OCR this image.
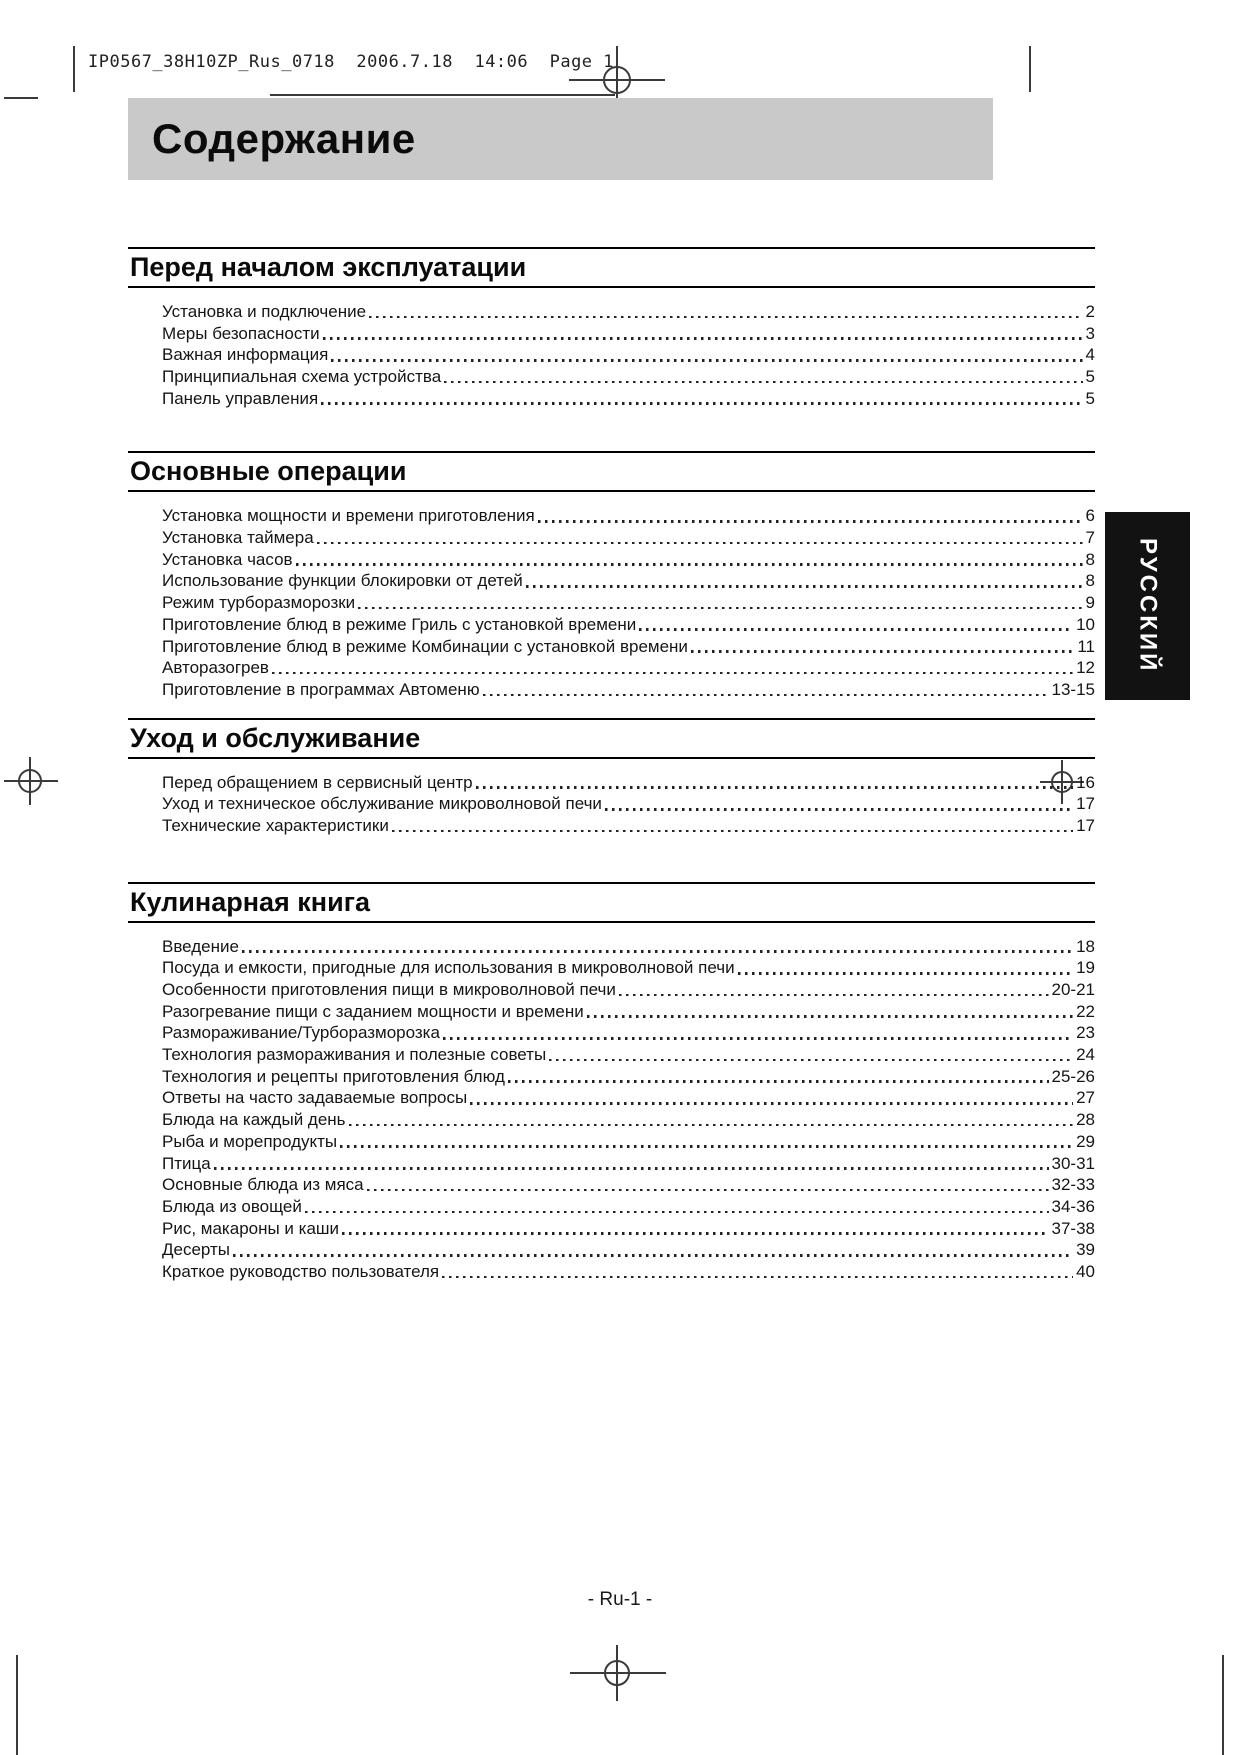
IP0567_38H10ZP_Rus_0718  2006.7.18  14:06  Page 1
Содержание
Перед началом эксплуатации
Установка и подключение	2
Меры безопасности	3
Важная информация	4
Принципиальная схема устройства	5
Панель управления	5
Основные операции
Установка мощности и времени приготовления	6
Установка таймера	7
Установка часов	8
Использование функции блокировки от детей	8
Режим турборазморозки	9
Приготовление блюд в режиме Гриль с установкой времени	10
Приготовление блюд в режиме Комбинации с установкой времени	11
Авторазогрев	12
Приготовление в программах Автоменю	13-15
Уход и обслуживание
Перед обращением в сервисный центр	16
Уход и техническое обслуживание микроволновой печи	17
Технические характеристики	17
Кулинарная книга
Введение	18
Посуда и емкости, пригодные для использования в микроволновой печи	19
Особенности приготовления пищи в микроволновой печи	20-21
Разогревание пищи с заданием мощности и времени	22
Размораживание/Турборазморозка	23
Технология размораживания и полезные советы	24
Технология и рецепты приготовления блюд	25-26
Ответы на часто задаваемые вопросы	27
Блюда на каждый день	28
Рыба и морепродукты	29
Птица	30-31
Основные блюда из мяса	32-33
Блюда из овощей	34-36
Рис, макароны и каши	37-38
Десерты	39
Краткое руководство пользователя	40
РУССКИЙ
- Ru-1 -
